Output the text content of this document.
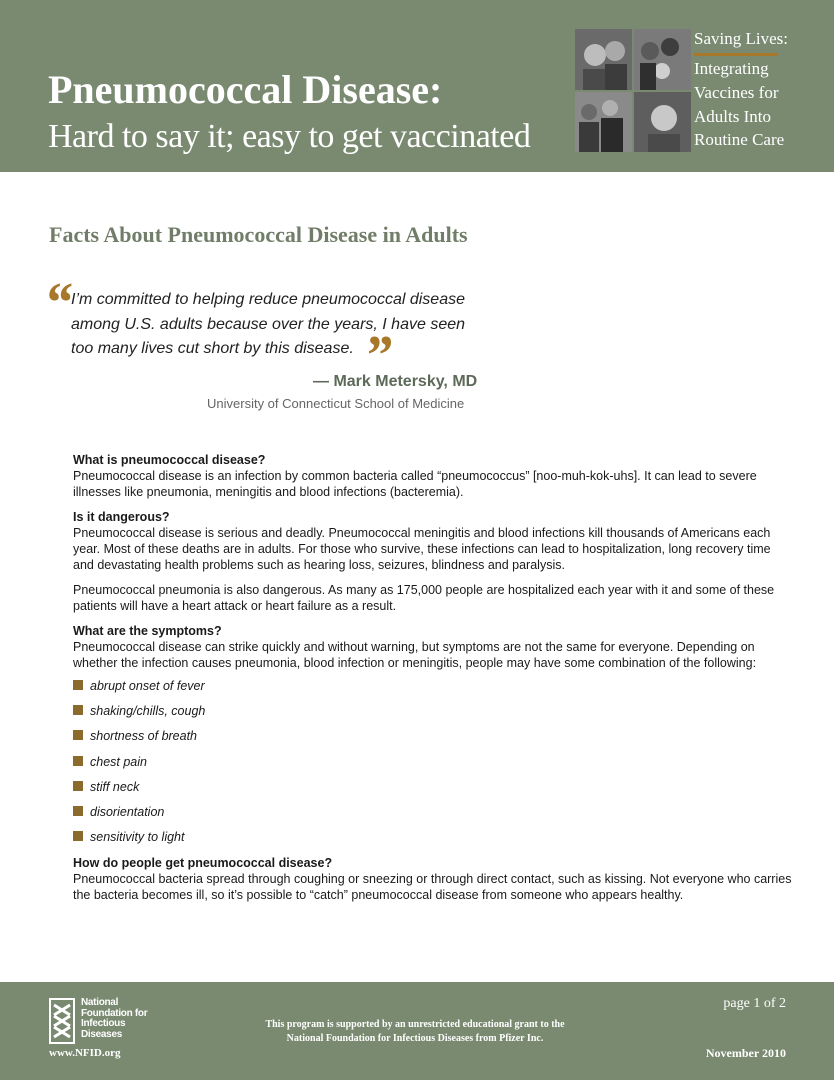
Pneumococcal Disease:
Hard to say it; easy to get vaccinated
Saving Lives:
Integrating
Vaccines for
Adults Into
Routine Care
Facts About Pneumococcal Disease in Adults
“ I’m committed to helping reduce pneumococcal disease among U.S. adults because over the years, I have seen too many lives cut short by this disease. ”
— Mark Metersky, MD
University of Connecticut School of Medicine
What is pneumococcal disease?

Pneumococcal disease is an infection by common bacteria called “pneumococcus” [noo-muh-kok-uhs]. It can lead to severe illnesses like pneumonia, meningitis and blood infections (bacteremia).

Is it dangerous?

Pneumococcal disease is serious and deadly. Pneumococcal meningitis and blood infections kill thousands of Americans each year. Most of these deaths are in adults. For those who survive, these infections can lead to hospitalization, long recovery time and devastating health problems such as hearing loss, seizures, blindness and paralysis.

Pneumococcal pneumonia is also dangerous. As many as 175,000 people are hospitalized each year with it and some of these patients will have a heart attack or heart failure as a result.

What are the symptoms?

Pneumococcal disease can strike quickly and without warning, but symptoms are not the same for everyone. Depending on whether the infection causes pneumonia, blood infection or meningitis, people may have some combination of the following:

abrupt onset of fever
shaking/chills, cough
shortness of breath
chest pain
stiff neck
disorientation
sensitivity to light
How do people get pneumococcal disease?

Pneumococcal bacteria spread through coughing or sneezing or through direct contact, such as kissing. Not everyone who carries the bacteria becomes ill, so it’s possible to “catch” pneumococcal disease from someone who appears healthy.

National
Foundation for
Infectious
Diseases
www.NFID.org
This program is supported by an unrestricted educational grant to the
National Foundation for Infectious Diseases from Pfizer Inc.
page 1 of 2
November 2010
